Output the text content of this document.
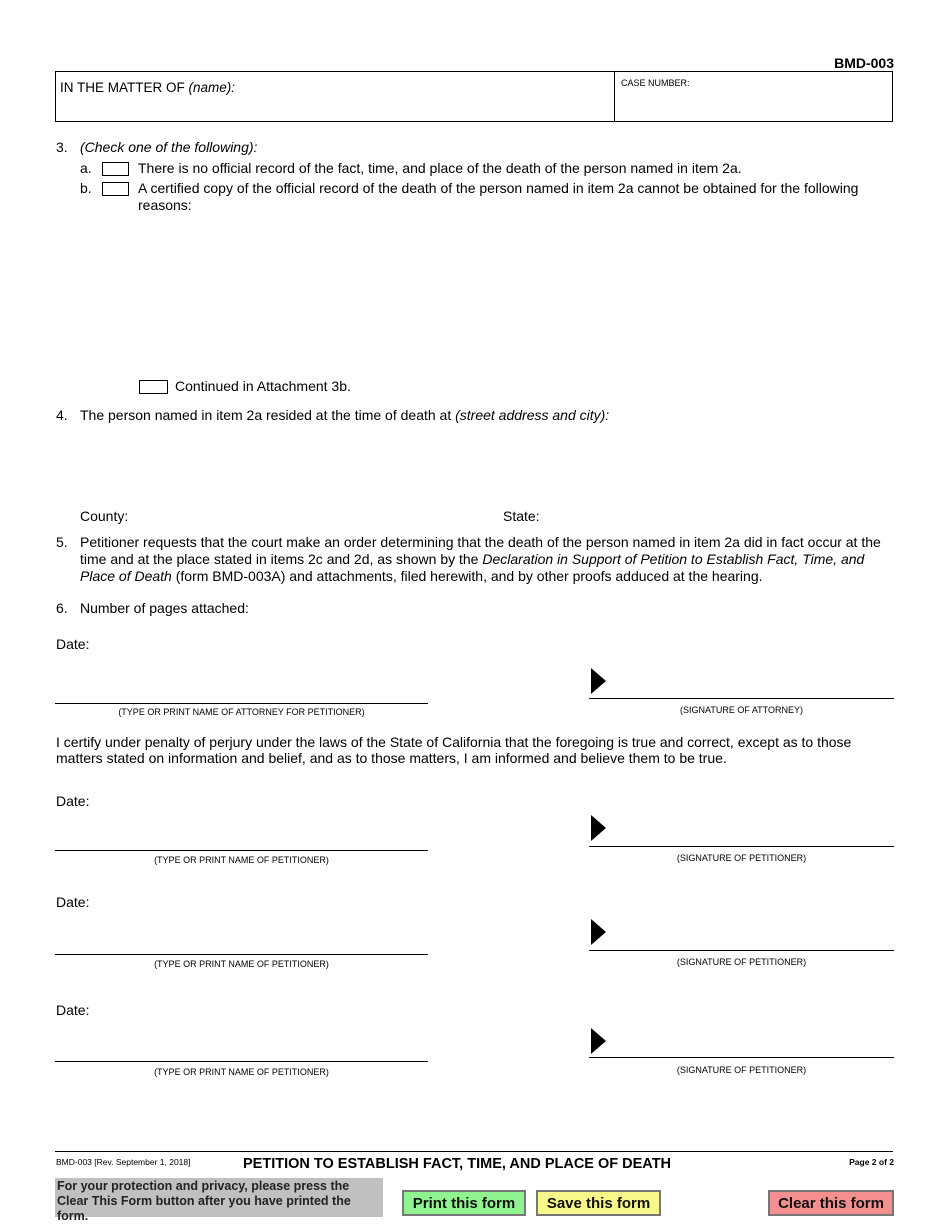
BMD-003
IN THE MATTER OF (name):	CASE NUMBER:
3. (Check one of the following):
a.	There is no official record of the fact, time, and place of the death of the person named in item 2a.
b.	A certified copy of the official record of the death of the person named in item 2a cannot be obtained for the following
reasons:
Continued in Attachment 3b.
4. The person named in item 2a resided at the time of death at (street address and city):
County:	State:
5. Petitioner requests that the court make an order determining that the death of the person named in item 2a did in fact occur at the
time and at the place stated in items 2c and 2d, as shown by the Declaration in Support of Petition to Establish Fact, Time, and
Place of Death (form BMD-003A) and attachments, filed herewith, and by other proofs adduced at the hearing.
6. Number of pages attached:
Date:
(TYPE OR PRINT NAME OF ATTORNEY FOR PETITIONER)	(SIGNATURE OF ATTORNEY)
I certify under penalty of perjury under the laws of the State of California that the foregoing is true and correct, except as to those
matters stated on information and belief, and as to those matters, I am informed and believe them to be true.
Date:
(TYPE OR PRINT NAME OF PETITIONER)	(SIGNATURE OF PETITIONER)
Date:
(TYPE OR PRINT NAME OF PETITIONER)	(SIGNATURE OF PETITIONER)
Date:
(TYPE OR PRINT NAME OF PETITIONER)	(SIGNATURE OF PETITIONER)
BMD-003 [Rev. September 1, 2018]	PETITION TO ESTABLISH FACT, TIME, AND PLACE OF DEATH	Page 2 of 2
For your protection and privacy, please press the Clear This Form button after you have printed the form.
Print this form	Save this form	Clear this form
